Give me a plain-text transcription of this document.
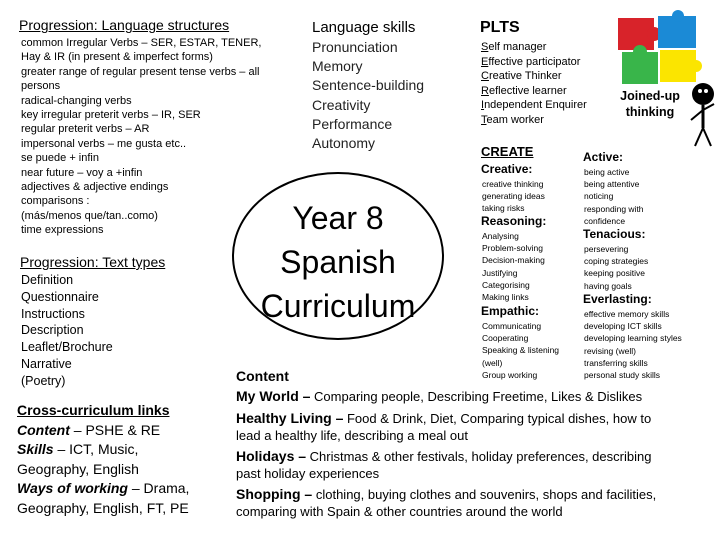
Progression: Language structures
common Irregular Verbs – SER, ESTAR, TENER,
Hay & IR (in present & imperfect forms)
greater range of regular present tense verbs – all
persons
radical-changing verbs
key irregular preterit verbs – IR, SER
regular preterit verbs – AR
impersonal verbs – me gusta etc..
se puede + infin
near future – voy a +infin
adjectives & adjective endings
comparisons :
(más/menos que/tan..como)
time expressions
Progression: Text types
Definition
Questionnaire
Instructions
Description
Leaflet/Brochure
Narrative
(Poetry)
Cross-curriculum links
Content – PSHE & RE
Skills – ICT, Music,
Geography, English
Ways of working – Drama,
Geography, English, FT, PE
Language skills
Pronunciation
Memory
Sentence-building
Creativity
Performance
Autonomy
Year 8
Spanish
Curriculum
PLTS
Self manager
Effective participator
Creative Thinker
Reflective learner
Independent Enquirer
Team worker
Joined-up
thinking
CREATE
Creative:
creative thinking
generating ideas
taking risks
Reasoning:
Analysing
Problem-solving
Decision-making
Justifying
Categorising
Making links
Empathic:
Communicating
Cooperating
Speaking & listening
(well)
Group working
Active:
being active
being attentive
noticing
responding with
confidence
Tenacious:
persevering
coping strategies
keeping positive
having goals
Everlasting:
effective memory skills
developing ICT skills
developing learning styles
revising (well)
transferring skills
personal study skills
Content
My World – Comparing people, Describing Freetime, Likes & Dislikes
Healthy Living – Food & Drink, Diet, Comparing typical dishes, how to
lead a healthy life, describing a meal out
Holidays – Christmas & other festivals, holiday preferences, describing
past holiday experiences
Shopping – clothing, buying clothes and souvenirs, shops and facilities,
comparing with Spain & other countries around the world
